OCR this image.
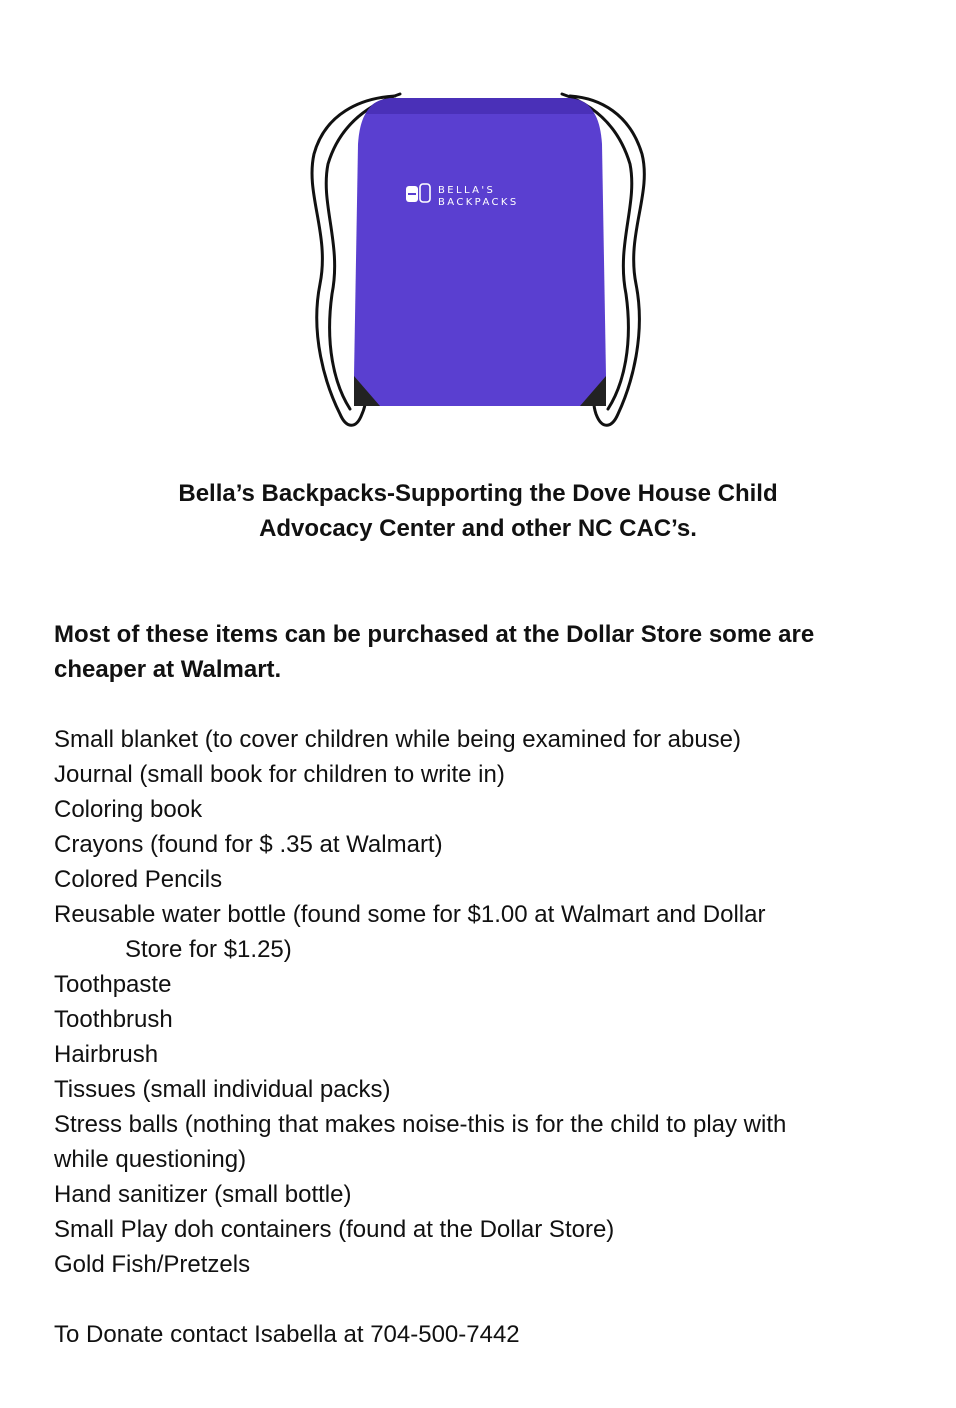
BELLA'S
BACKPACKS

Bella’s Backpacks-Supporting the Dove House Child
Advocacy Center and other NC CAC’s.

Most of these items can be purchased at the Dollar Store some are
cheaper at Walmart.

Small blanket (to cover children while being examined for abuse)
Journal (small book for children to write in)
Coloring book
Crayons (found for $ .35 at Walmart)
Colored Pencils
Reusable water bottle (found some for $1.00 at Walmart and Dollar
Store for $1.25)
Toothpaste
Toothbrush
Hairbrush
Tissues (small individual packs)
Stress balls (nothing that makes noise-this is for the child to play with
while questioning)
Hand sanitizer (small bottle)
Small Play doh containers (found at the Dollar Store)
Gold Fish/Pretzels

To Donate contact Isabella at 704-500-7442
